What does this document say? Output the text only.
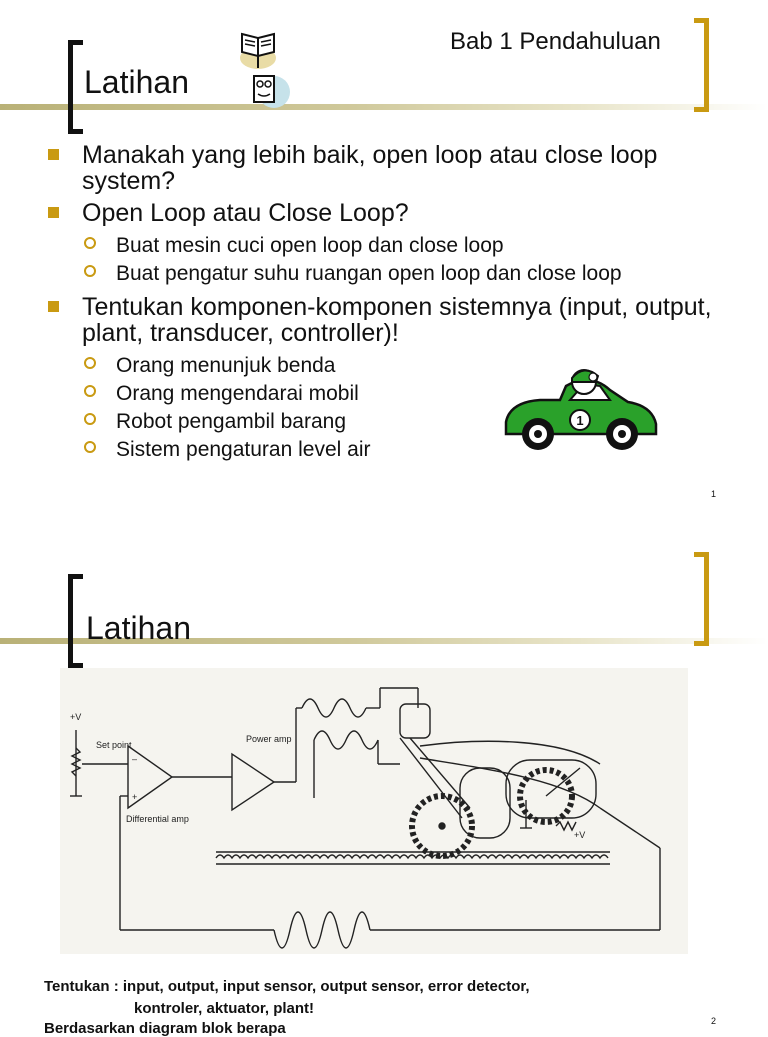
Latihan
Bab 1 Pendahuluan
Manakah yang lebih baik, open loop atau close loop system?
Open Loop atau Close Loop?
Buat mesin cuci open loop dan close loop
Buat pengatur suhu ruangan open loop dan close loop
Tentukan komponen-komponen sistemnya (input, output, plant, transducer, controller)!
Orang menunjuk benda
Orang mengendarai mobil
Robot pengambil barang
Sistem pengaturan level air
1
1
Latihan
+V
Set point
Differential amp
Power amp
+V
–
+
Tentukan : input, output, input sensor, output sensor, error detector,
kontroler, aktuator, plant!
Berdasarkan diagram blok berapa	2
